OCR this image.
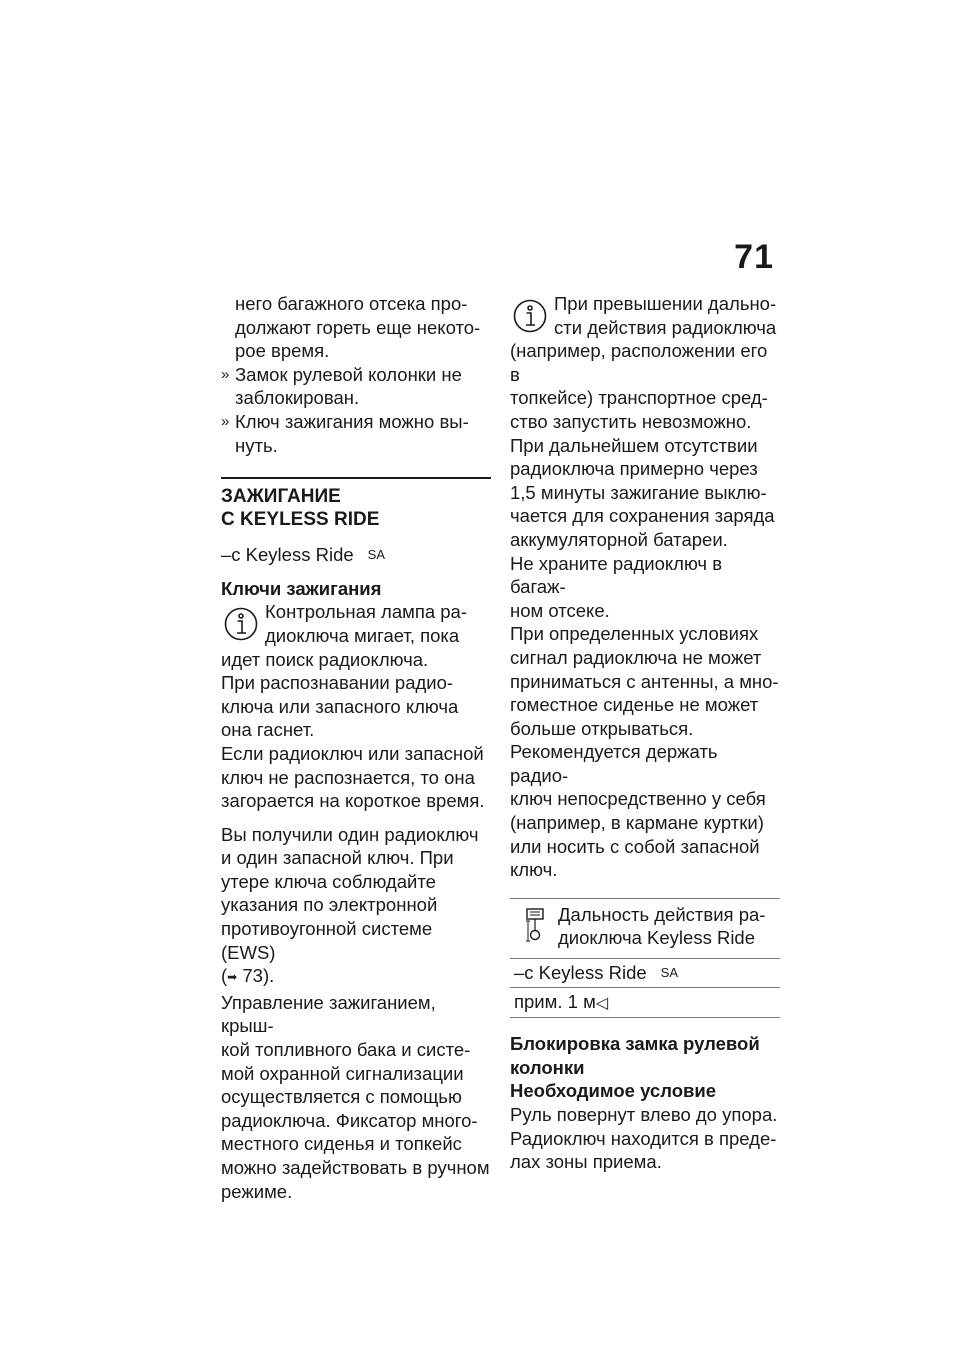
71

него багажного отсека про-

должают гореть еще некото-

рое время.

» Замок рулевой колонки не

заблокирован.

» Ключ зажигания можно вы-

нуть.

ЗАЖИГАНИЕ

С KEYLESS RIDE

–с Keyless Ride $^{SA}$

Ключи зажигания

Контрольная лампа ра-

диоключа мигает, пока

идет поиск радиоключа.

При распознавании радио-

ключа или запасного ключа

она гаснет.

Если радиоключ или запасной

ключ не распознается, то она

загорается на короткое время.

Вы получили один радиоключ

и один запасной ключ. При

утере ключа соблюдайте

указания по электронной

противоугонной системе (EWS)

(➡ 73).

Управление зажиганием, крыш-

кой топливного бака и систе-

мой охранной сигнализации

осуществляется с помощью

радиоключа. Фиксатор много-

местного сиденья и топкейс

можно задействовать в ручном

режиме.

При превышении дально-

сти действия радиоключа

(например, расположении его в

топкейсе) транспортное сред-

ство запустить невозможно.

При дальнейшем отсутствии

радиоключа примерно через

1,5 минуты зажигание выклю-

чается для сохранения заряда

аккумуляторной батареи.

Не храните радиоключ в багаж-

ном отсеке.

При определенных условиях

сигнал радиоключа не может

приниматься с антенны, а мно-

гоместное сиденье не может

больше открываться.

Рекомендуется держать радио-

ключ непосредственно у себя

(например, в кармане куртки)

или носить с собой запасной

ключ.

Дальность действия ра-

диоключа Keyless Ride

–с Keyless Ride $^{SA}$
прим. 1 м◁

Блокировка замка рулевой

колонки

Необходимое условие

Руль повернут влево до упора.

Радиоключ находится в преде-

лах зоны приема.
